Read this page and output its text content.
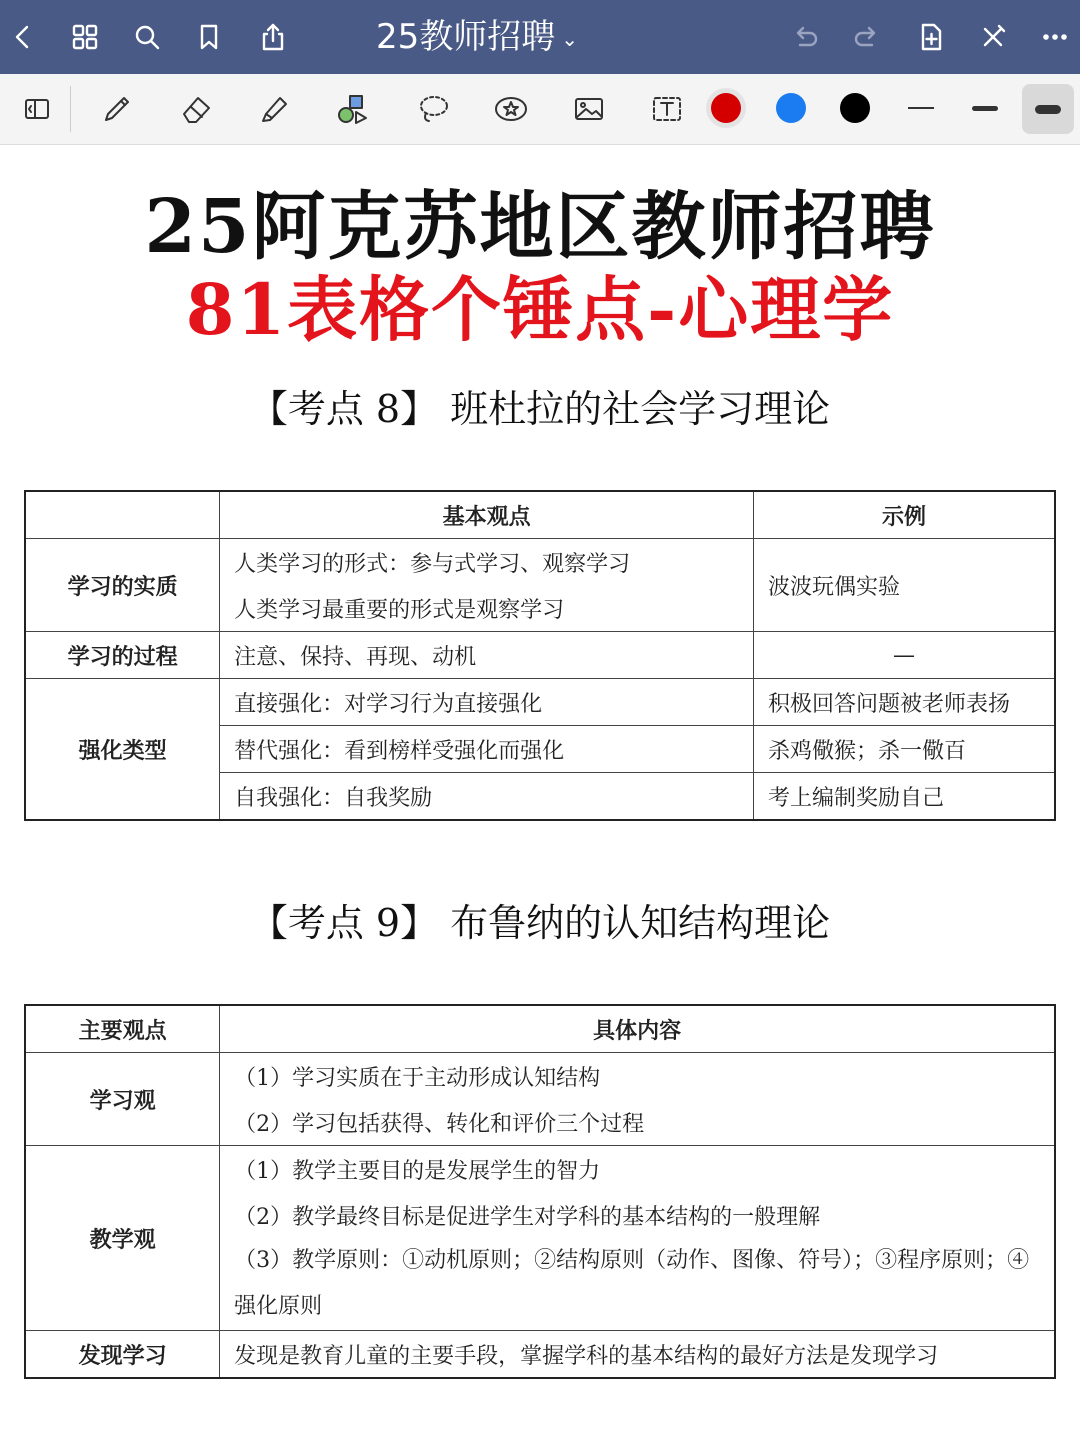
25教师招聘 ⌄
25阿克苏地区教师招聘
81表格个锤点-心理学
【考点 8】 班杜拉的社会学习理论
	基本观点	示例
学习的实质	人类学习的形式：参与式学习、观察学习	波波玩偶实验
	人类学习最重要的形式是观察学习	
学习的过程	注意、保持、再现、动机	—
强化类型	直接强化：对学习行为直接强化	积极回答问题被老师表扬
	替代强化：看到榜样受强化而强化	杀鸡儆猴；杀一儆百
	自我强化：自我奖励	考上编制奖励自己
【考点 9】 布鲁纳的认知结构理论
主要观点	具体内容
学习观	（1）学习实质在于主动形成认知结构
	（2）学习包括获得、转化和评价三个过程
教学观	（1）教学主要目的是发展学生的智力
	（2）教学最终目标是促进学生对学科的基本结构的一般理解
	（3）教学原则：①动机原则；②结构原则（动作、图像、符号）；③程序原则；④强化原则
发现学习	发现是教育儿童的主要手段，掌握学科的基本结构的最好方法是发现学习
